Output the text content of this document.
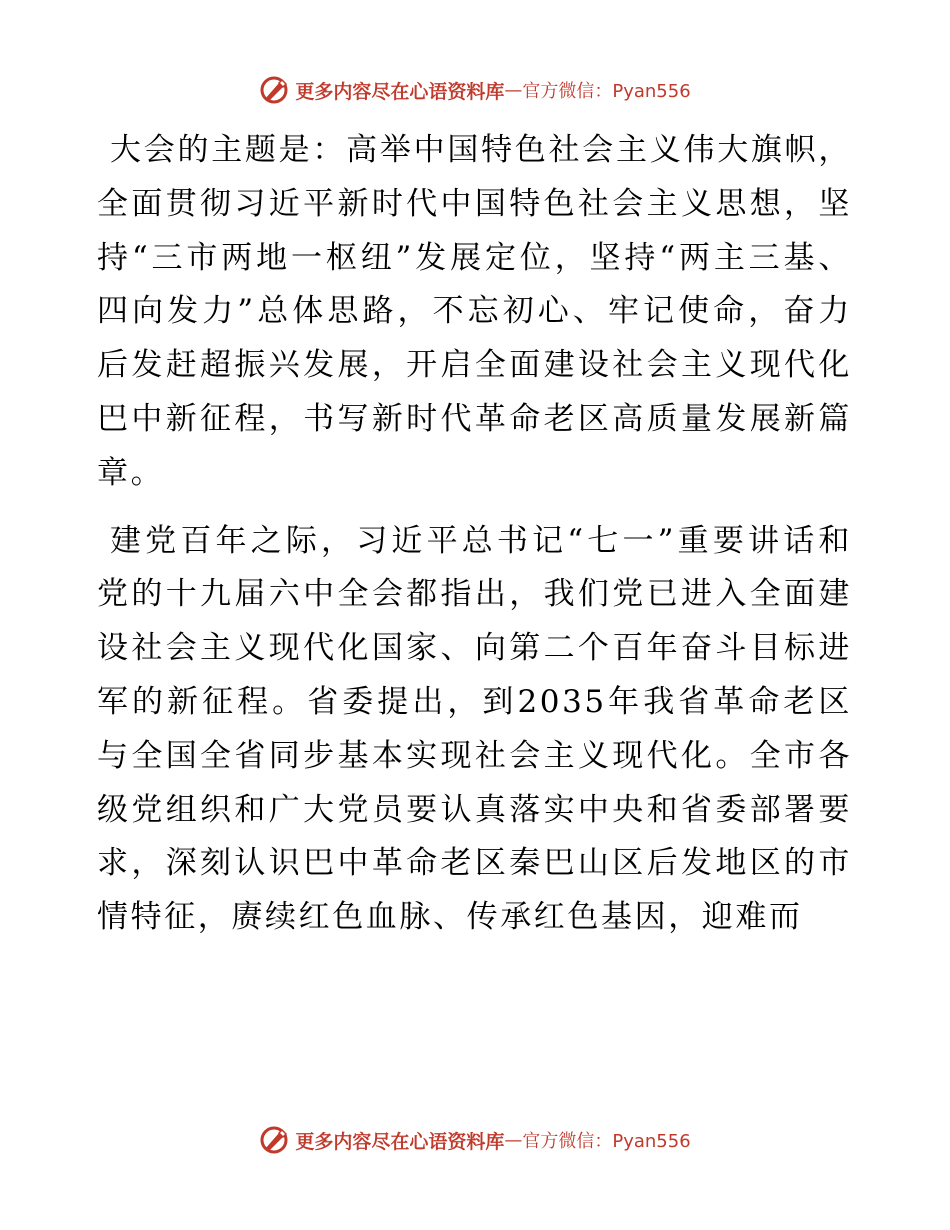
更多内容尽在心语资料库 — 官方微信：Pyan556

大会的主题是：高举中国特色社会主义伟大旗帜，全面贯彻习近平新时代中国特色社会主义思想，坚持“三市两地一枢纽”发展定位，坚持“两主三基、四向发力”总体思路，不忘初心、牢记使命，奋力后发赶超振兴发展，开启全面建设社会主义现代化巴中新征程，书写新时代革命老区高质量发展新篇章。

建党百年之际，习近平总书记“七一”重要讲话和党的十九届六中全会都指出，我们党已进入全面建设社会主义现代化国家、向第二个百年奋斗目标进军的新征程。省委提出，到2035年我省革命老区与全国全省同步基本实现社会主义现代化。全市各级党组织和广大党员要认真落实中央和省委部署要求，深刻认识巴中革命老区秦巴山区后发地区的市情特征，赓续红色血脉、传承红色基因，迎难而

更多内容尽在心语资料库 — 官方微信：Pyan556
